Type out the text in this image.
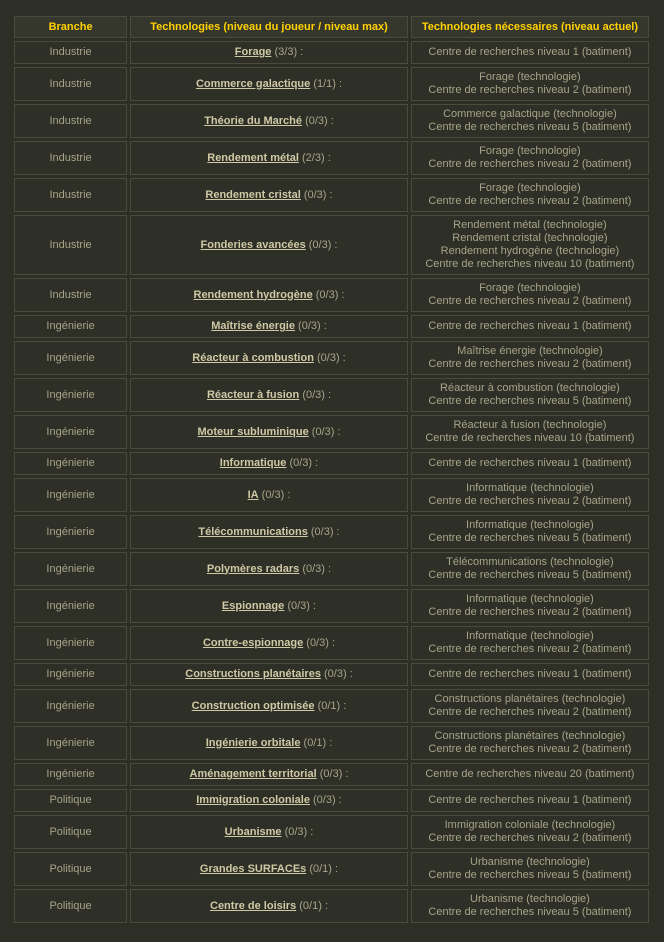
Branche	Technologies (niveau du joueur / niveau max)	Technologies nécessaires (niveau actuel)
Industrie	Forage (3/3) :	Centre de recherches niveau 1 (batiment)

Industrie	Commerce galactique (1/1) :	Forage (technologie)
Centre de recherches niveau 2 (batiment)

Industrie	Théorie du Marché (0/3) :	Commerce galactique (technologie)
Centre de recherches niveau 5 (batiment)

Industrie	Rendement métal (2/3) :	Forage (technologie)
Centre de recherches niveau 2 (batiment)

Industrie	Rendement cristal (0/3) :	Forage (technologie)
Centre de recherches niveau 2 (batiment)

Industrie	Fonderies avancées (0/3) :	Rendement métal (technologie)
Rendement cristal (technologie)
Rendement hydrogène (technologie)
Centre de recherches niveau 10 (batiment)

Industrie	Rendement hydrogène (0/3) :	Forage (technologie)
Centre de recherches niveau 2 (batiment)

Ingénierie	Maîtrise énergie (0/3) :	Centre de recherches niveau 1 (batiment)

Ingénierie	Réacteur à combustion (0/3) :	Maîtrise énergie (technologie)
Centre de recherches niveau 2 (batiment)

Ingénierie	Réacteur à fusion (0/3) :	Réacteur à combustion (technologie)
Centre de recherches niveau 5 (batiment)

Ingénierie	Moteur subluminique (0/3) :	Réacteur à fusion (technologie)
Centre de recherches niveau 10 (batiment)

Ingénierie	Informatique (0/3) :	Centre de recherches niveau 1 (batiment)

Ingénierie	IA (0/3) :	Informatique (technologie)
Centre de recherches niveau 2 (batiment)

Ingénierie	Télécommunications (0/3) :	Informatique (technologie)
Centre de recherches niveau 5 (batiment)

Ingénierie	Polymères radars (0/3) :	Télécommunications (technologie)
Centre de recherches niveau 5 (batiment)

Ingénierie	Espionnage (0/3) :	Informatique (technologie)
Centre de recherches niveau 2 (batiment)

Ingénierie	Contre-espionnage (0/3) :	Informatique (technologie)
Centre de recherches niveau 2 (batiment)

Ingénierie	Constructions planétaires (0/3) :	Centre de recherches niveau 1 (batiment)

Ingénierie	Construction optimisée (0/1) :	Constructions planétaires (technologie)
Centre de recherches niveau 2 (batiment)

Ingénierie	Ingénierie orbitale (0/1) :	Constructions planétaires (technologie)
Centre de recherches niveau 2 (batiment)

Ingénierie	Aménagement territorial (0/3) :	Centre de recherches niveau 20 (batiment)

Politique	Immigration coloniale (0/3) :	Centre de recherches niveau 1 (batiment)

Politique	Urbanisme (0/3) :	Immigration coloniale (technologie)
Centre de recherches niveau 2 (batiment)

Politique	Grandes SURFACEs (0/1) :	Urbanisme (technologie)
Centre de recherches niveau 5 (batiment)

Politique	Centre de loisirs (0/1) :	Urbanisme (technologie)
Centre de recherches niveau 5 (batiment)
